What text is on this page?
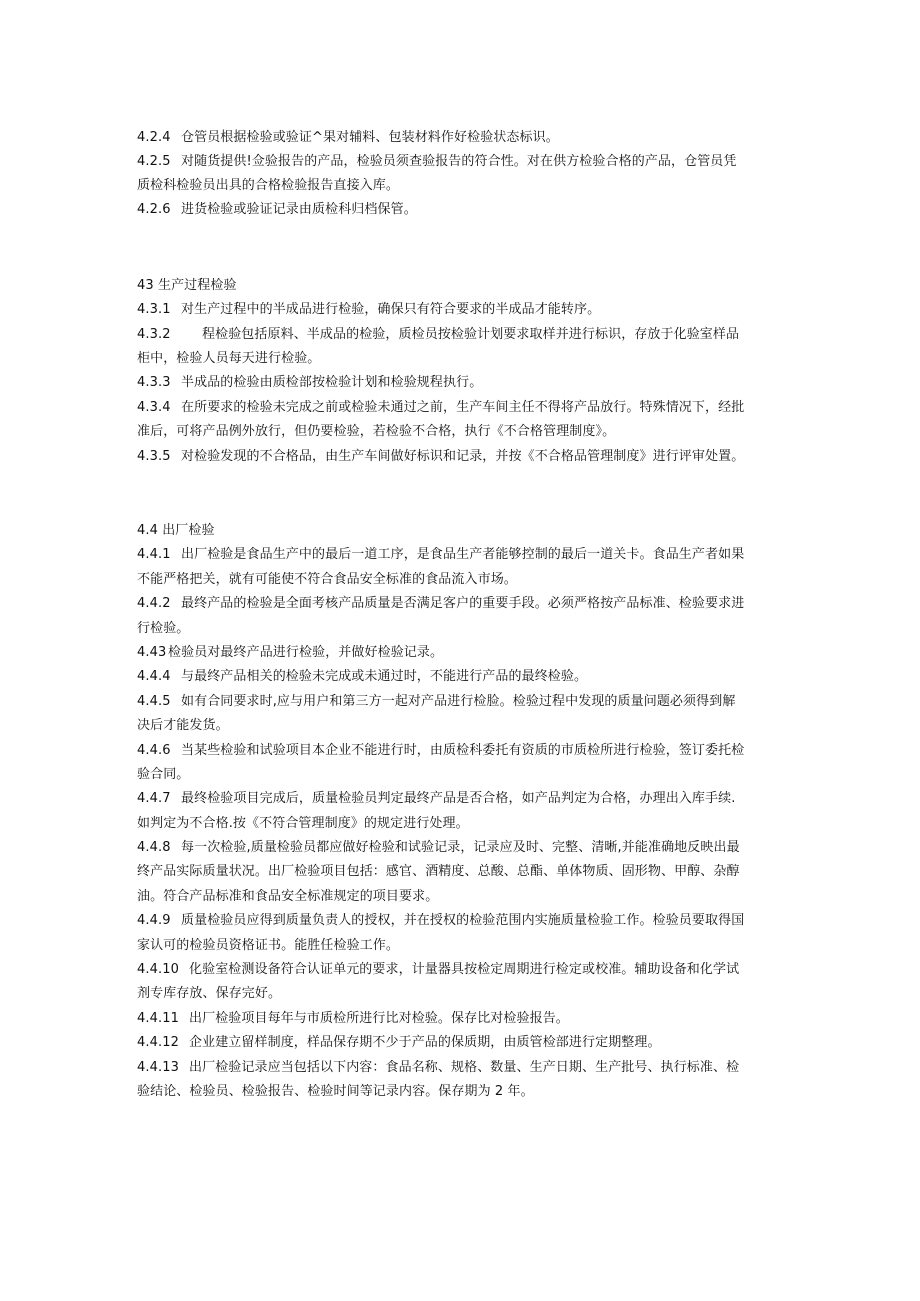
4.2.4 仓管员根据检验或验证^果对辅料、包装材料作好检验状态标识。
4.2.5 对随货提供!佥验报告的产品，检验员须查验报告的符合性。对在供方检验合格的产品，仓管员凭
质检科检验员出具的合格检验报告直接入库。
4.2.6 进货检验或验证记录由质检科归档保管。
43 生产过程检验
4.3.1 对生产过程中的半成品进行检验，确保只有符合要求的半成品才能转序。
4.3.2 程检验包括原料、半成品的检验，质检员按检验计划要求取样并进行标识，存放于化验室样品
柜中，检验人员每天进行检验。
4.3.3 半成品的检验由质检部按检验计划和检验规程执行。
4.3.4 在所要求的检验未完成之前或检验未通过之前，生产车间主任不得将产品放行。特殊情况下，经批
准后，可将产品例外放行，但仍要检验，若检验不合格，执行《不合格管理制度》。
4.3.5 对检验发现的不合格品，由生产车间做好标识和记录，并按《不合格品管理制度》进行评审处置。
4.4 出厂检验
4.4.1 出厂检验是食品生产中的最后一道工序，是食品生产者能够控制的最后一道关卡。食品生产者如果
不能严格把关，就有可能使不符合食品安全标准的食品流入市场。
4.4.2 最终产品的检验是全面考核产品质量是否满足客户的重要手段。必须严格按产品标准、检验要求进
行检验。
4.43 检验员对最终产品进行检验，并做好检验记录。
4.4.4 与最终产品相关的检验未完成或未通过时，不能进行产品的最终检验。
4.4.5 如有合同要求时,应与用户和第三方一起对产品进行检脸。检验过程中发现的质量问题必须得到解
决后才能发货。
4.4.6 当某些检验和试验项目本企业不能进行时，由质检科委托有资质的市质检所进行检验，签订委托检
验合同。
4.4.7 最终检验项目完成后，质量检验员判定最终产品是否合格，如产品判定为合格，办理出入库手续.
如判定为不合格.按《不符合管理制度》的规定进行处理。
4.4.8 每一次检验,质量检验员都应做好检验和试验记录，记录应及时、完整、清晰,并能准确地反映出最
终产品实际质量状况。出厂检验项目包括：感官、酒精度、总酸、总酯、单体物质、固形物、甲醇、杂醇
油。符合产品标准和食品安全标准规定的项目要求。
4.4.9 质量检验员应得到质量负责人的授权，并在授权的检验范围内实施质量检验工作。检验员要取得国
家认可的检验员资格证书。能胜任检验工作。
4.4.10 化验室检测设备符合认证单元的要求，计量器具按检定周期进行检定或校准。辅助设备和化学试
剂专库存放、保存完好。
4.4.11 出厂检验项目每年与市质检所进行比对检验。保存比对检验报告。
4.4.12 企业建立留样制度，样品保存期不少于产品的保质期，由质管检部进行定期整理。
4.4.13 出厂检验记录应当包括以下内容：食品名称、规格、数量、生产日期、生产批号、执行标准、检
验结论、检验员、检验报告、检验时间等记录内容。保存期为 2 年。
